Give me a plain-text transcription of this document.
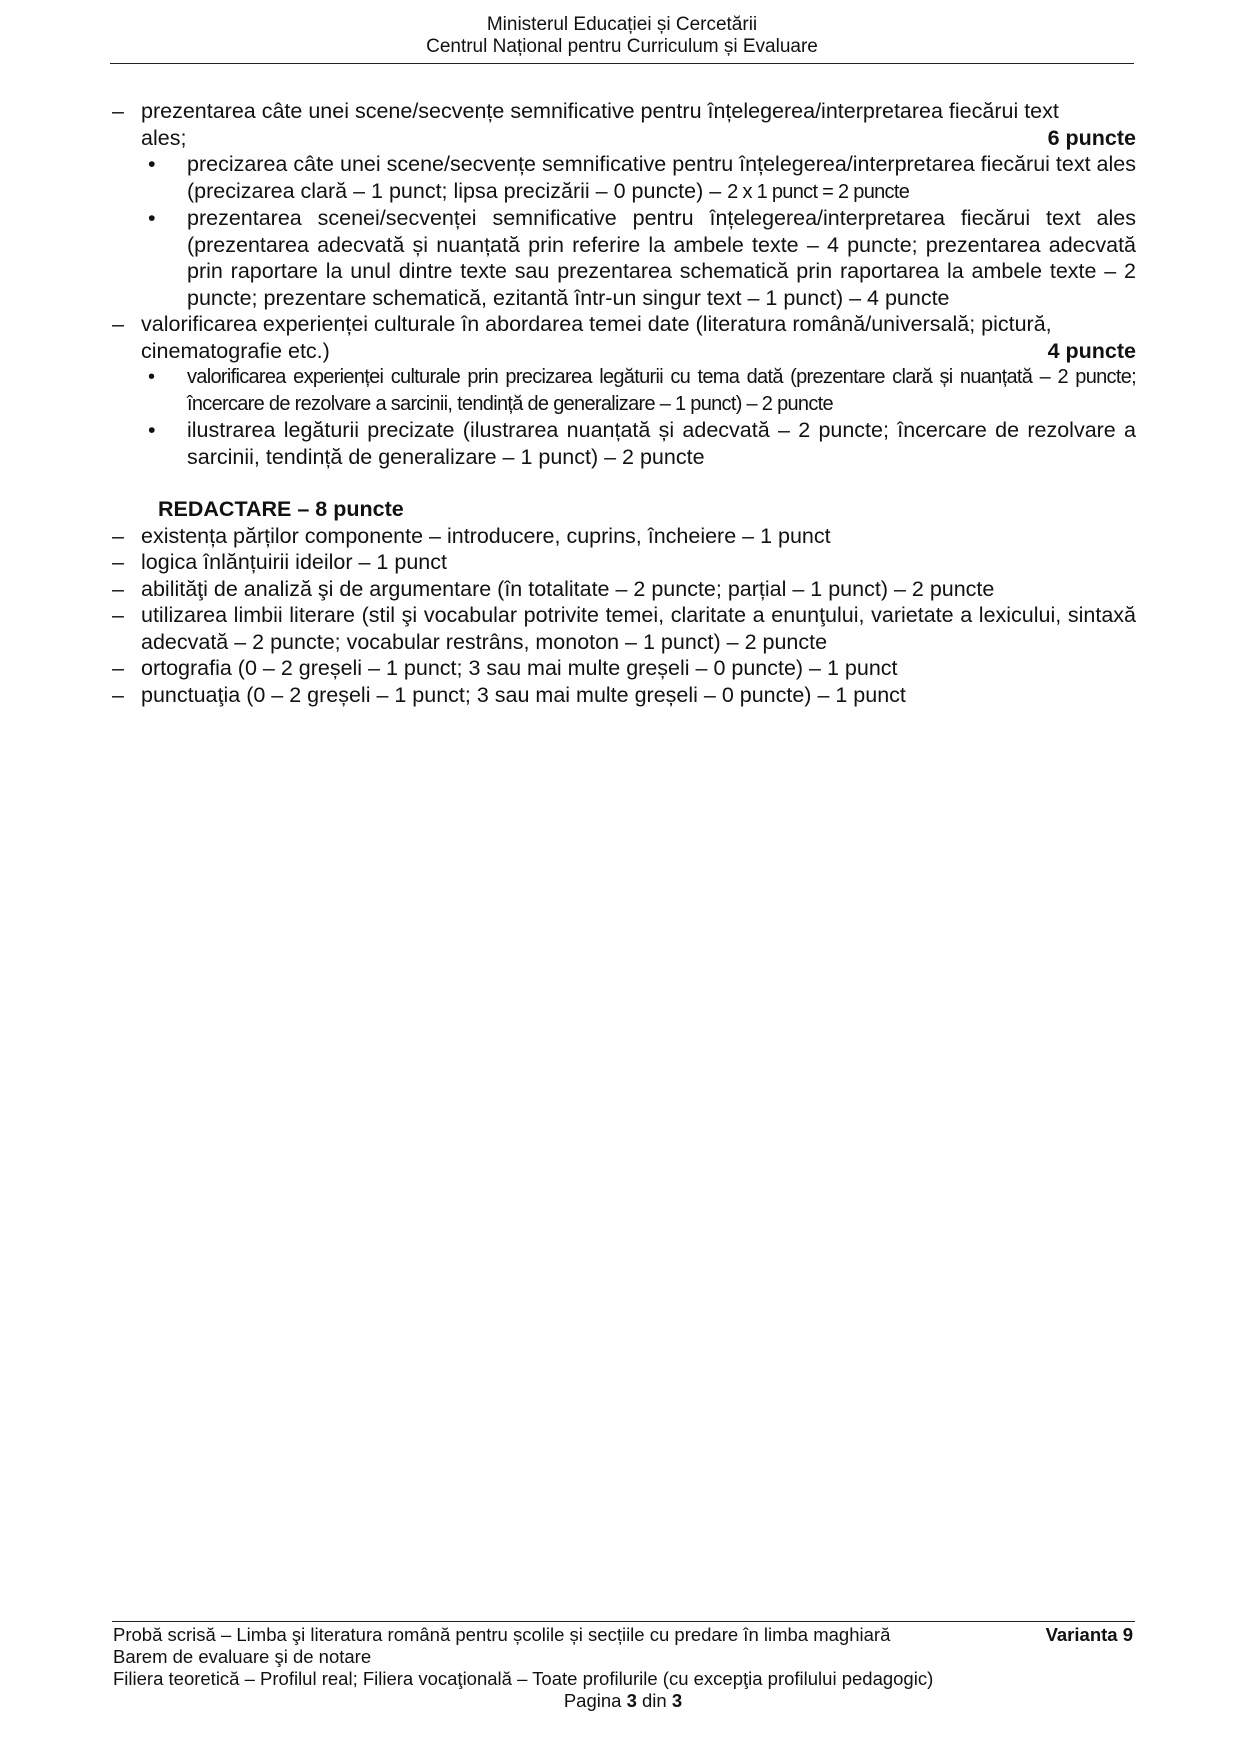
Ministerul Educației și Cercetării
Centrul Național pentru Curriculum și Evaluare
– prezentarea câte unei scene/secvențe semnificative pentru înțelegerea/interpretarea fiecărui text
ales;	6 puncte
• precizarea câte unei scene/secvențe semnificative pentru înțelegerea/interpretarea fiecărui text ales (precizarea clară – 1 punct; lipsa precizării – 0 puncte) – 2 x 1 punct = 2 puncte
• prezentarea scenei/secvenței semnificative pentru înțelegerea/interpretarea fiecărui text ales (prezentarea adecvată și nuanțată prin referire la ambele texte – 4 puncte; prezentarea adecvată prin raportare la unul dintre texte sau prezentarea schematică prin raportarea la ambele texte – 2 puncte; prezentare schematică, ezitantă într-un singur text – 1 punct) – 4 puncte
– valorificarea experienței culturale în abordarea temei date (literatura română/universală; pictură,
cinematografie etc.)	4 puncte
• valorificarea experienței culturale prin precizarea legăturii cu tema dată (prezentare clară și nuanțată – 2 puncte; încercare de rezolvare a sarcinii, tendință de generalizare – 1 punct) – 2 puncte
• ilustrarea legăturii precizate (ilustrarea nuanțată și adecvată – 2 puncte; încercare de rezolvare a sarcinii, tendință de generalizare – 1 punct) – 2 puncte
REDACTARE – 8 puncte
– existența părților componente – introducere, cuprins, încheiere – 1 punct
– logica înlănțuirii ideilor – 1 punct
– abilităţi de analiză şi de argumentare (în totalitate – 2 puncte; parțial – 1 punct) – 2 puncte
– utilizarea limbii literare (stil şi vocabular potrivite temei, claritate a enunţului, varietate a lexicului, sintaxă adecvată – 2 puncte; vocabular restrâns, monoton – 1 punct) – 2 puncte
– ortografia (0 – 2 greșeli – 1 punct; 3 sau mai multe greșeli – 0 puncte) – 1 punct
– punctuaţia (0 – 2 greșeli – 1 punct; 3 sau mai multe greșeli – 0 puncte) – 1 punct
Probă scrisă – Limba şi literatura română pentru școlile și secțiile cu predare în limba maghiară	Varianta 9
Barem de evaluare şi de notare
Filiera teoretică – Profilul real; Filiera vocaţională – Toate profilurile (cu excepţia profilului pedagogic)
Pagina 3 din 3
